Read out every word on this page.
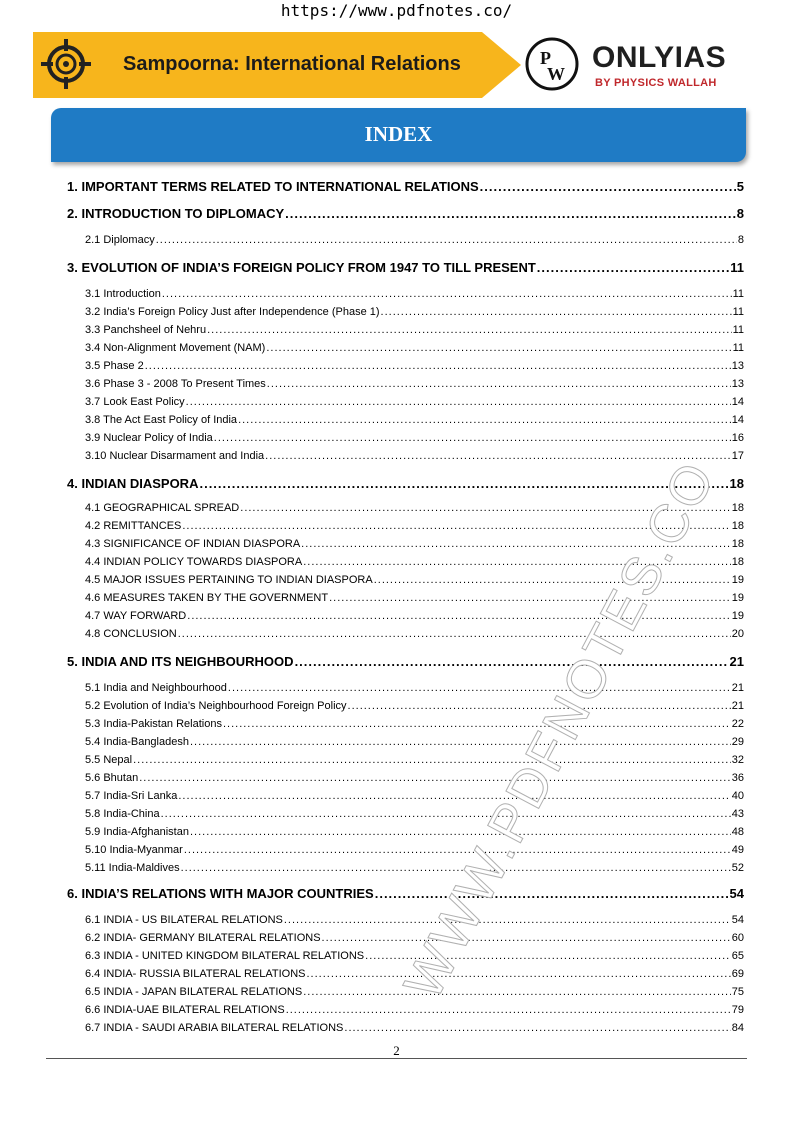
https://www.pdfnotes.co/
Sampoorna: International Relations	P
W ONLYIAS
BY PHYSICS WALLAH
INDEX
1. IMPORTANT TERMS RELATED TO INTERNATIONAL RELATIONS .....	5
2. INTRODUCTION TO DIPLOMACY .....	8
2.1 Diplomacy .....	8
3. EVOLUTION OF INDIA’S FOREIGN POLICY FROM 1947 TO TILL PRESENT .....	11
3.1 Introduction .....	11
3.2 India’s Foreign Policy Just after Independence (Phase 1) .....	11
3.3 Panchsheel of Nehru .....	11
3.4 Non-Alignment Movement (NAM) .....	11
3.5 Phase 2 .....	13
3.6 Phase 3 - 2008 To Present Times .....	13
3.7 Look East Policy .....	14
3.8 The Act East Policy of India .....	14
3.9 Nuclear Policy of India .....	16
3.10 Nuclear Disarmament and India .....	17
4. INDIAN DIASPORA .....	18
4.1 GEOGRAPHICAL SPREAD .....	18
4.2 REMITTANCES .....	18
4.3 SIGNIFICANCE OF INDIAN DIASPORA .....	18
4.4 INDIAN POLICY TOWARDS DIASPORA .....	18
4.5 MAJOR ISSUES PERTAINING TO INDIAN DIASPORA .....	19
4.6 MEASURES TAKEN BY THE GOVERNMENT .....	19
4.7 WAY FORWARD .....	19
4.8 CONCLUSION .....	20
5. INDIA AND ITS NEIGHBOURHOOD .....	21
5.1 India and Neighbourhood .....	21
5.2 Evolution of India’s Neighbourhood Foreign Policy .....	21
5.3 India-Pakistan Relations .....	22
5.4 India-Bangladesh .....	29
5.5 Nepal .....	32
5.6 Bhutan .....	36
5.7 India-Sri Lanka .....	40
5.8 India-China .....	43
5.9 India-Afghanistan .....	48
5.10 India-Myanmar .....	49
5.11 India-Maldives .....	52
6. INDIA’S RELATIONS WITH MAJOR COUNTRIES .....	54
6.1 INDIA - US BILATERAL RELATIONS .....	54
6.2 INDIA- GERMANY BILATERAL RELATIONS .....	60
6.3 INDIA - UNITED KINGDOM BILATERAL RELATIONS .....	65
6.4 INDIA- RUSSIA BILATERAL RELATIONS .....	69
6.5 INDIA - JAPAN BILATERAL RELATIONS .....	75
6.6 INDIA-UAE BILATERAL RELATIONS .....	79
6.7 INDIA - SAUDI ARABIA BILATERAL RELATIONS .....	84
WWW.PDFNOTES.CO
2
